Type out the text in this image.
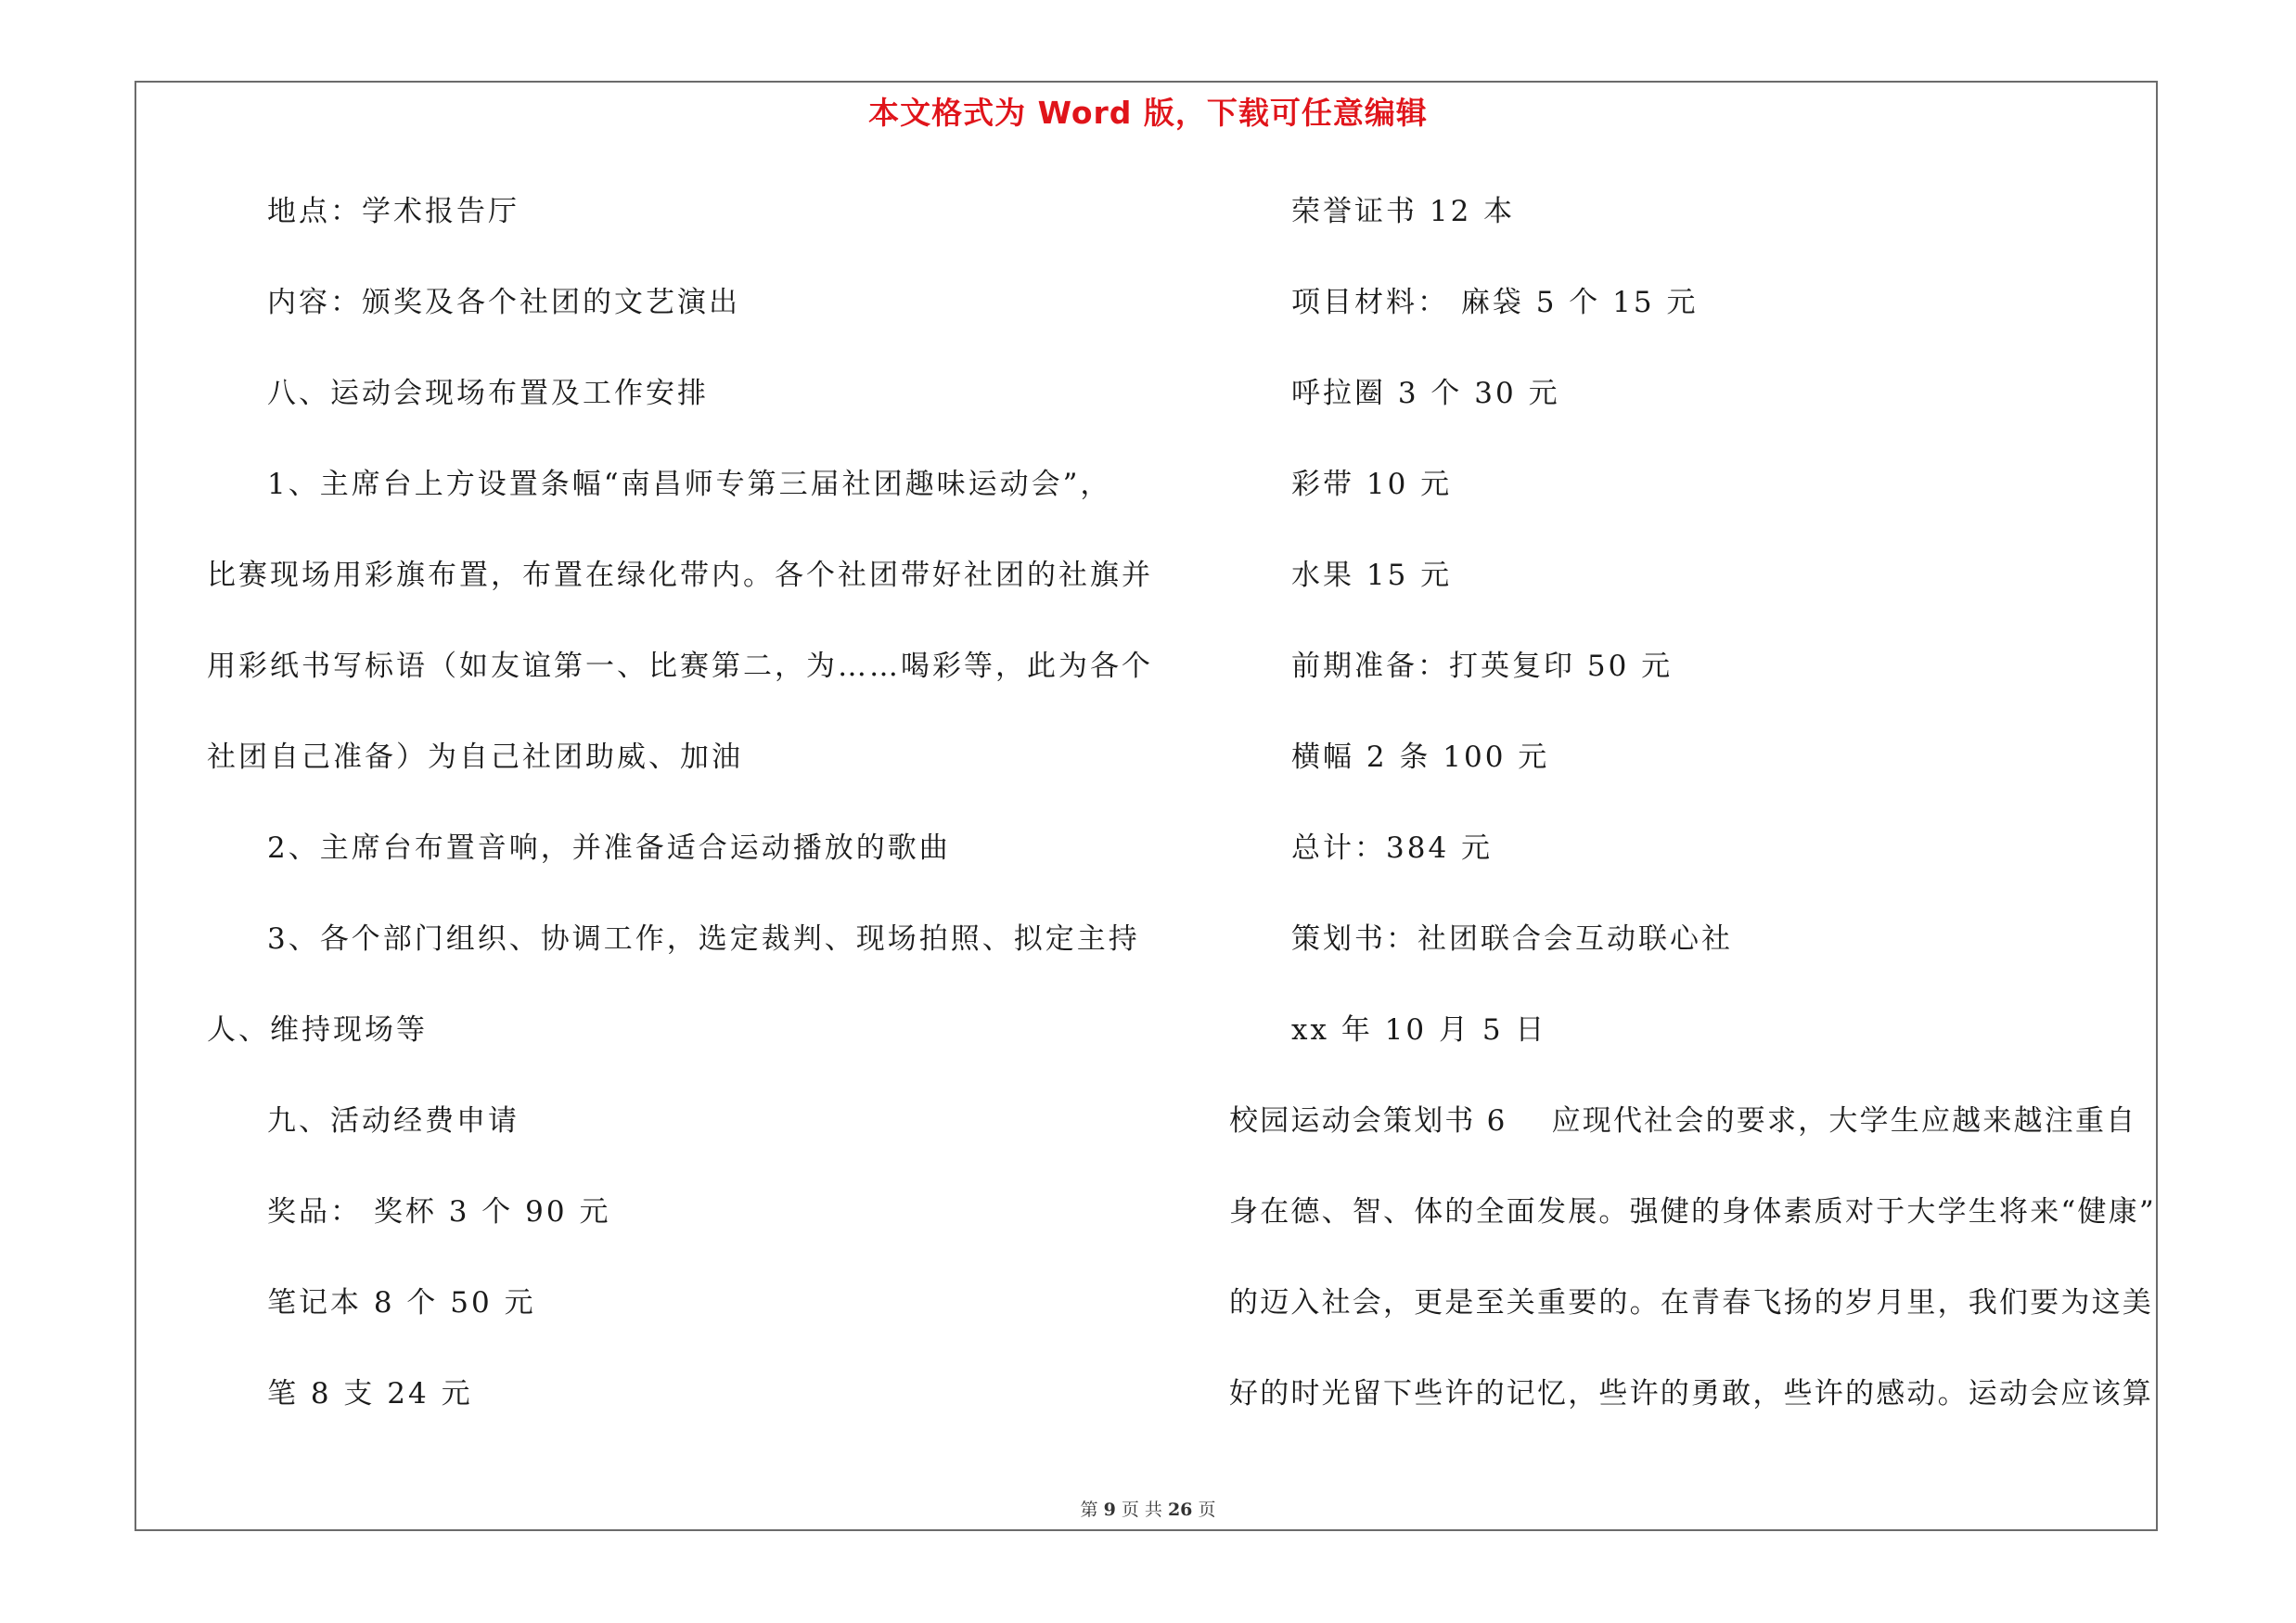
本文格式为 Word 版，下载可任意编辑
地点：学术报告厅
内容：颁奖及各个社团的文艺演出
八、运动会现场布置及工作安排
1、主席台上方设置条幅“南昌师专第三届社团趣味运动会”，
比赛现场用彩旗布置，布置在绿化带内。各个社团带好社团的社旗并
用彩纸书写标语（如友谊第一、比赛第二，为……喝彩等，此为各个
社团自己准备）为自己社团助威、加油
2、主席台布置音响，并准备适合运动播放的歌曲
3、各个部门组织、协调工作，选定裁判、现场拍照、拟定主持
人、维持现场等
九、活动经费申请
奖品： 奖杯 3 个 90 元
笔记本 8 个 50 元
笔 8 支 24 元
荣誉证书 12 本
项目材料： 麻袋 5 个 15 元
呼拉圈 3 个 30 元
彩带 10 元
水果 15 元
前期准备：打英复印 50 元
横幅 2 条 100 元
总计：384 元
策划书：社团联合会互动联心社
xx 年 10 月 5 日
校园运动会策划书 6 应现代社会的要求，大学生应越来越注重自
身在德、智、体的全面发展。强健的身体素质对于大学生将来“健康”
的迈入社会，更是至关重要的。在青春飞扬的岁月里，我们要为这美
好的时光留下些许的记忆，些许的勇敢，些许的感动。运动会应该算
第 9 页 共 26 页
